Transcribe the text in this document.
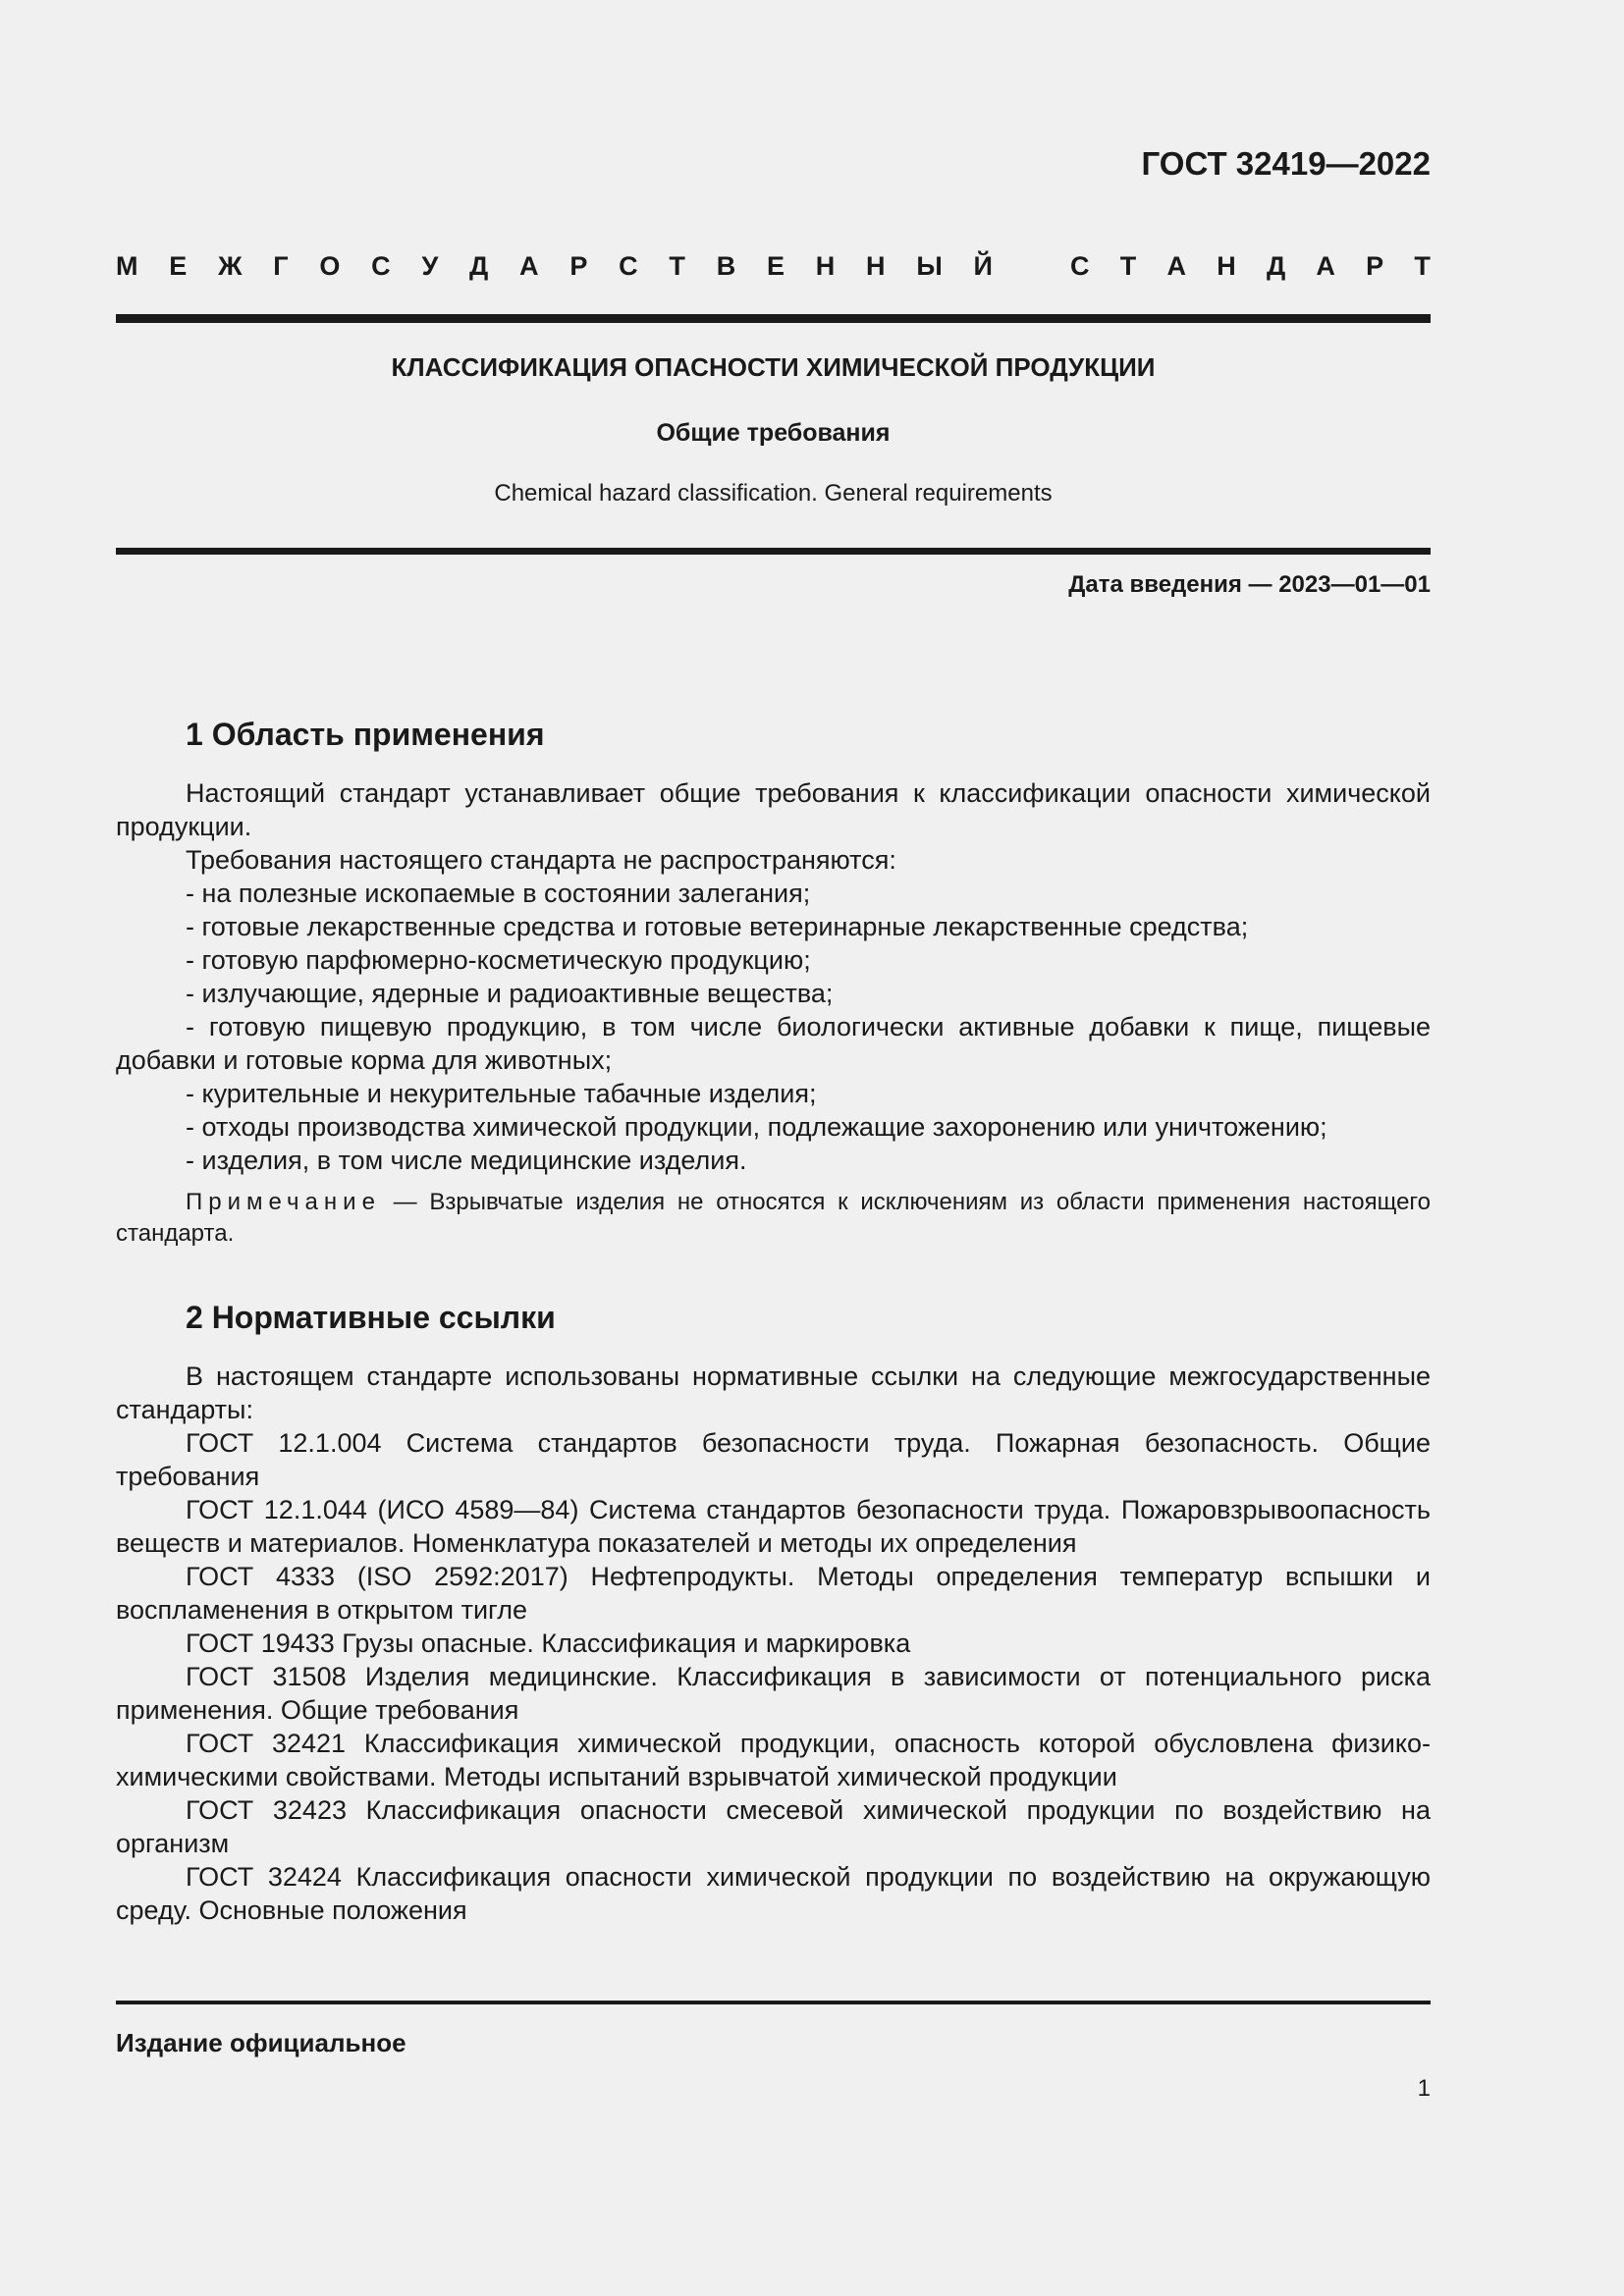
ГОСТ 32419—2022
М Е Ж Г О С У Д А Р С Т В Е Н Н Ы Й	С Т А Н Д А Р Т
КЛАССИФИКАЦИЯ ОПАСНОСТИ ХИМИЧЕСКОЙ ПРОДУКЦИИ
Общие требования
Chemical hazard classification. General requirements
Дата введения — 2023—01—01
1 Область применения

Настоящий стандарт устанавливает общие требования к классификации опасности химической продукции.

Требования настоящего стандарта не распространяются:

- на полезные ископаемые в состоянии залегания;
- готовые лекарственные средства и готовые ветеринарные лекарственные средства;
- готовую парфюмерно-косметическую продукцию;
- излучающие, ядерные и радиоактивные вещества;
- готовую пищевую продукцию, в том числе биологически активные добавки к пище, пищевые добавки и готовые корма для животных;
- курительные и некурительные табачные изделия;
- отходы производства химической продукции, подлежащие захоронению или уничтожению;
- изделия, в том числе медицинские изделия.

Примечание — Взрывчатые изделия не относятся к исключениям из области применения настоящего стандарта.

2 Нормативные ссылки

В настоящем стандарте использованы нормативные ссылки на следующие межгосударственные стандарты:

ГОСТ 12.1.004 Система стандартов безопасности труда. Пожарная безопасность. Общие требования

ГОСТ 12.1.044 (ИСО 4589—84) Система стандартов безопасности труда. Пожаровзрывоопасность веществ и материалов. Номенклатура показателей и методы их определения

ГОСТ 4333 (ISO 2592:2017) Нефтепродукты. Методы определения температур вспышки и воспламенения в открытом тигле

ГОСТ 19433 Грузы опасные. Классификация и маркировка

ГОСТ 31508 Изделия медицинские. Классификация в зависимости от потенциального риска применения. Общие требования

ГОСТ 32421 Классификация химической продукции, опасность которой обусловлена физико-химическими свойствами. Методы испытаний взрывчатой химической продукции

ГОСТ 32423 Классификация опасности смесевой химической продукции по воздействию на организм

ГОСТ 32424 Классификация опасности химической продукции по воздействию на окружающую среду. Основные положения

Издание официальное
1
